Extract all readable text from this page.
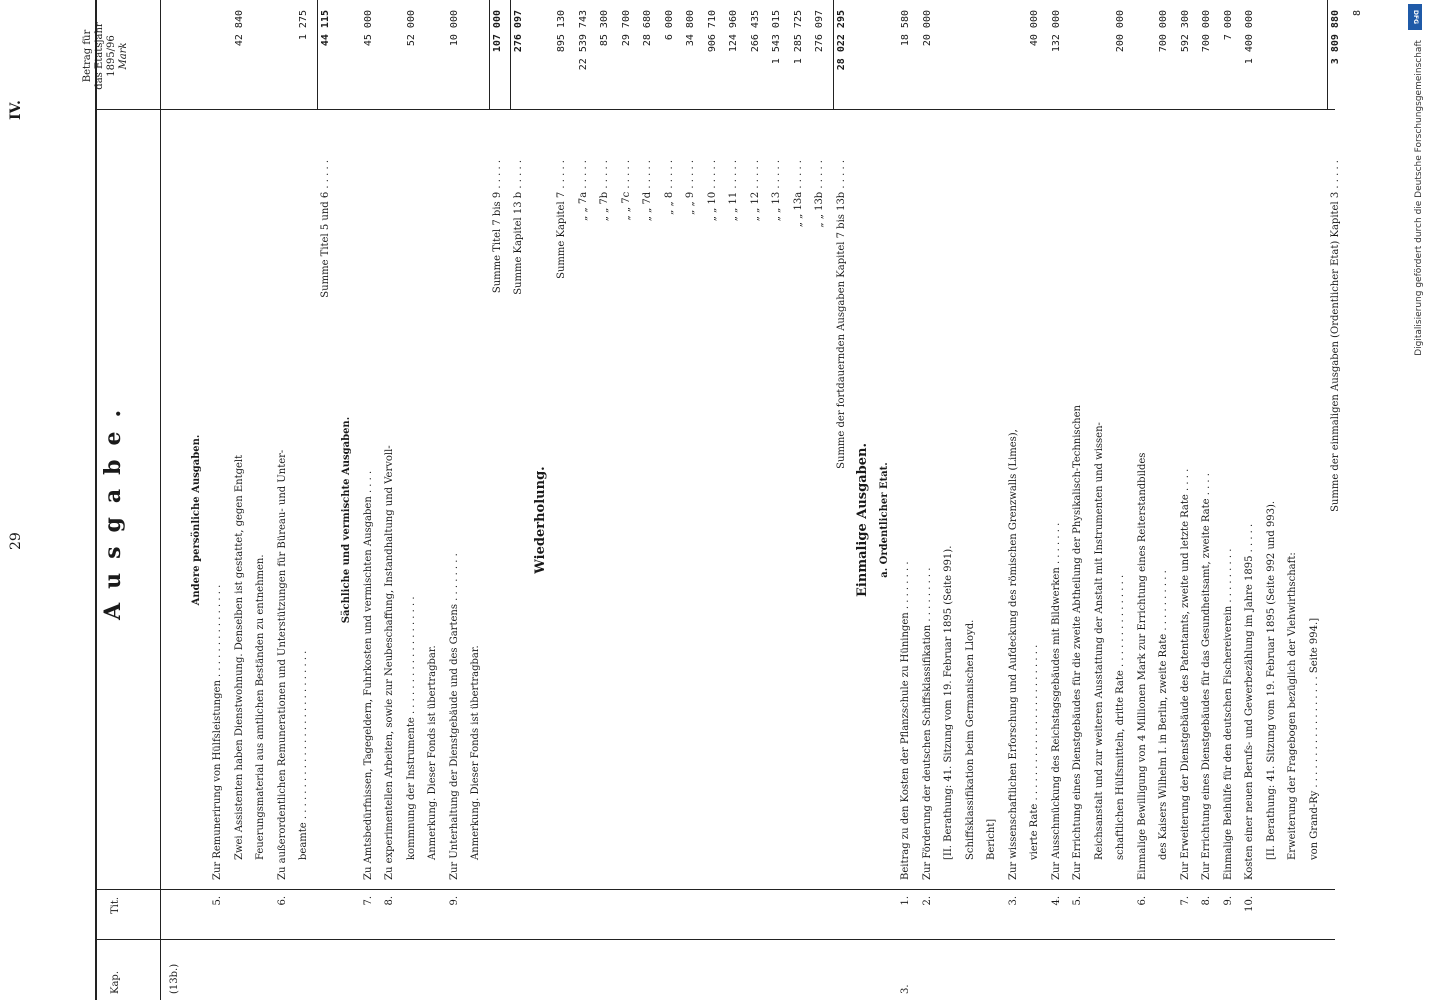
29
IV.
Kap.
Tit.
Ausgabe.
Betrag für das Etatsjahr 1895/96 Mark
(13b.)
Andere persönliche Ausgaben.
5.
Zur Remunerirung von Hülfsleistungen . . . . . . . . . . . . . . . Zwei Assistenten haben Dienstwohnung. Denselben ist gestattet, gegen Entgelt
42 840
Feuerungsmaterial aus amtlichen Beständen zu entnehmen.
6.
Zu außerordentlichen Remunerationen und Unterstützungen für Büreau- und Unter- beamte . . . . . . . . . . . . . . . . . . . . . . . . . . .
1 275
Summe Titel 5 und 6 . . . . .
44 115
Sächliche und vermischte Ausgaben.
7.
Zu Amtsbedürfnissen, Tagegeldern, Fuhrkosten und vermischten Ausgaben . . . .
45 000
8.
Zu experimentellen Arbeiten, sowie zur Neubeschaffung, Instandhaltung und Vervoll- kommnung der Instrumente . . . . . . . . . . . . . . . . . . .
52 000
Anmerkung. Dieser Fonds ist übertragbar.
9.
Zur Unterhaltung der Dienstgebäude und des Gartens . . . . . . . .
10 000
Anmerkung. Dieser Fonds ist übertragbar.
Summe Titel 7 bis 9 . . . . .
107 000
Summe Kapitel 13 b . . . . .
276 097
Wiederholung.
Summe Kapitel 7 . . . . .
895 130
„ „ 7a . . . . .
22 539 743
„ „ 7b . . . . .
85 300
„ „ 7c . . . . .
29 700
„ „ 7d . . . . .
28 680
„ „ 8 . . . . .
6 000
„ „ 9 . . . . .
34 800
„ „ 10 . . . . .
906 710
„ „ 11 . . . . .
124 960
„ „ 12 . . . . .
266 435
„ „ 13 . . . . .
1 543 015
„ „ 13a . . . . .
1 285 725
„ „ 13b . . . . .
276 097
Summe der fortdauernden Ausgaben Kapitel 7 bis 13b . . . . .
28 022 295
Einmalige Ausgaben. a. Ordentlicher Etat.
3.
1.
Beitrag zu den Kosten der Pflanzschule zu Hüningen . . . . . . . .
18 580
2.
Zur Förderung der deutschen Schiffsklassifikation . . . . . . . . .
20 000
[II. Berathung: 41. Sitzung vom 19. Februar 1895 (Seite 991). Schiffsklassifikation beim Germanischen Lloyd. Bericht]
3.
Zur wissenschaftlichen Erforschung und Aufdeckung des römischen Grenzwalls (Limes), vierte Rate . . . . . . . . . . . . . . . . . . . . . . . . .
40 000
4.
Zur Ausschmückung des Reichstagsgebäudes mit Bildwerken . . . . . . .
132 000
5.
Zur Errichtung eines Dienstgebäudes für die zweite Abtheilung der Physikalisch-Technischen Reichsanstalt und zur weiteren Ausstattung der Anstalt mit Instrumenten und wissen- schaftlichen Hülfsmitteln, dritte Rate . . . . . . . . . . . . . . .
200 000
6.
Einmalige Bewilligung von 4 Millionen Mark zur Errichtung eines Reiterstandbildes des Kaisers Wilhelm I. in Berlin, zweite Rate . . . . . . . . . .
700 000
7.
Zur Erweiterung der Dienstgebäude des Patentamts, zweite und letzte Rate . . . .
592 300
8.
Zur Errichtung eines Dienstgebäudes für das Gesundheitsamt, zweite Rate . . . .
700 000
9.
Einmalige Beihülfe für den deutschen Fischereiverein . . . . . . . . .
7 000
10.
Kosten einer neuen Berufs- und Gewerbezählung im Jahre 1895 . . . . .
1 400 000
[II. Berathung: 41. Sitzung vom 19. Februar 1895 (Seite 992 und 993). Erweiterung der Fragebogen bezüglich der Viehwirthschaft: von Grand-Ry . . . . . . . . . . . . . . . . . . Seite 994.]
Summe der einmaligen Ausgaben (Ordentlicher Etat) Kapitel 3 . . . . .
3 809 880 8	DFG
Digitalisierung gefördert durch die Deutsche Forschungsgemeinschaft
